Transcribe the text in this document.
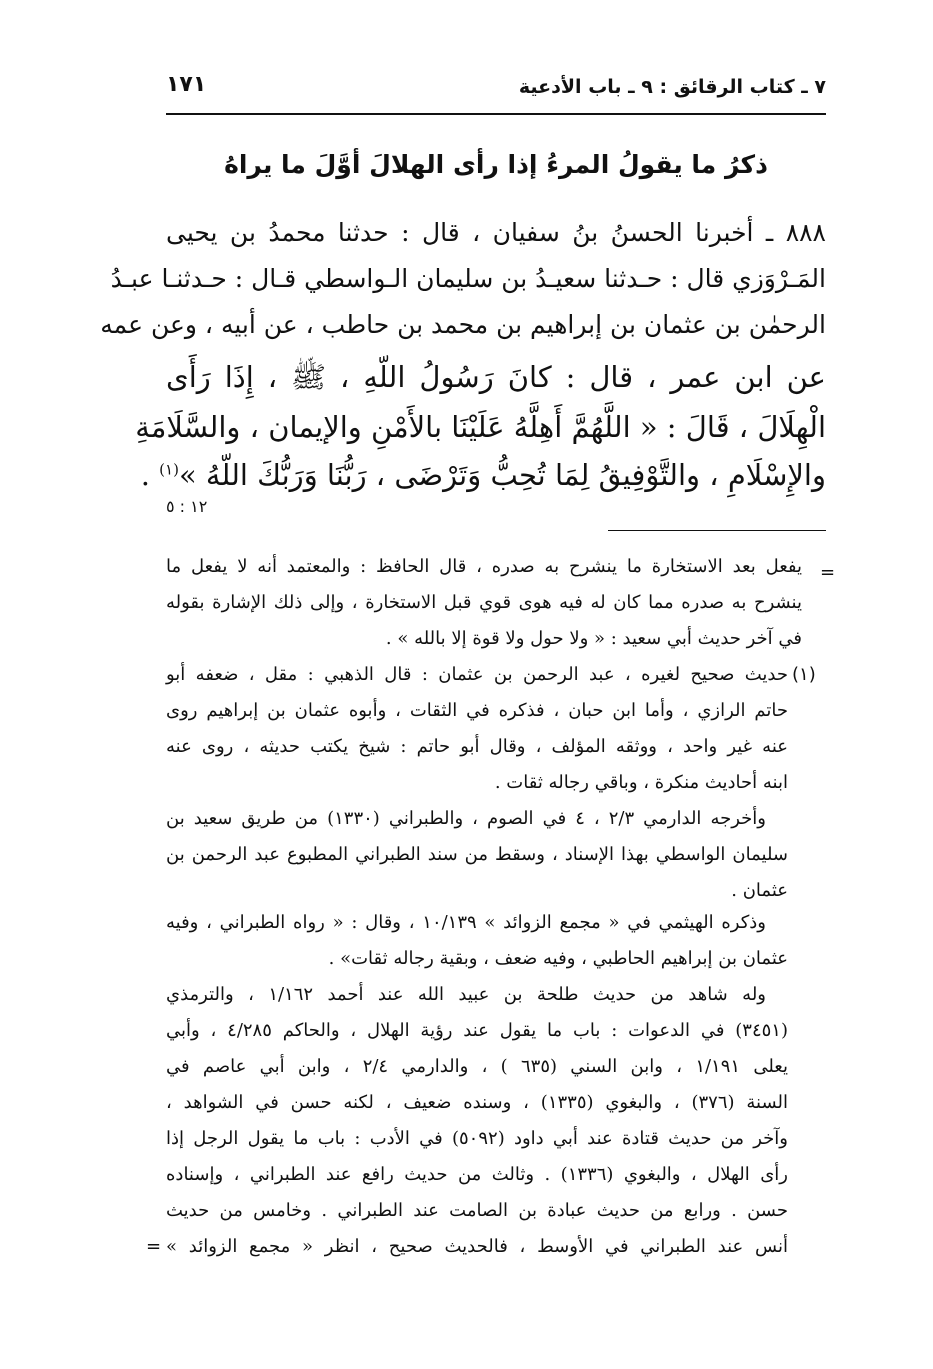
٧ ـ كتاب الرقائق : ٩ ـ باب الأدعية
١٧١
ذكرُ ما يقولُ المرءُ إذا رأى الهلالَ أوَّلَ ما يراهُ
٨٨٨ ـ أخبرنا الحسنُ بنُ سفيان ، قال : حدثنا محمدُ بن يحيى
المَـرْوَزي قال : حـدثنا سعيـدُ بن سليمان الـواسطي قـال : حـدثنـا عبـدُ
الرحمٰن بن عثمان بن إبراهيم بن محمد بن حاطب ، عن أبيه ، وعن عمه
عن ابن عمر ، قال : كانَ رَسُولُ اللّهِ ، ﷺ ، إِذَا رَأَى
الْهِلَالَ ، قَالَ : « اللَّهُمَّ أَهِلَّهُ عَلَيْنَا بالأَمْنِ والإيمان ، والسَّلَامَةِ
والإِسْلَامِ ، والتَّوْفِيقُ لِمَا تُحِبُّ وَتَرْضَى ، رَبُّنَا وَرَبُّكَ اللّهُ »$^{(١)}$ .
١٢ : ٥
=
يفعل بعد الاستخارة ما ينشرح به صدره ، قال الحافظ : والمعتمد أنه لا يفعل ما
ينشرح به صدره مما كان له فيه هوى قوي قبل الاستخارة ، وإلى ذلك الإشارة بقوله
في آخر حديث أبي سعيد : « ولا حول ولا قوة إلا بالله » .
(١)
حديث صحيح لغيره ، عبد الرحمن بن عثمان : قال الذهبي : مقل ، ضعفه أبو
حاتم الرازي ، وأما ابن حبان ، فذكره في الثقات ، وأبوه عثمان بن إبراهيم روى
عنه غير واحد ، ووثقه المؤلف ، وقال أبو حاتم : شيخ يكتب حديثه ، روى عنه
ابنه أحاديث منكرة ، وباقي رجاله ثقات .
وأخرجه الدارمي ٢/٣ ، ٤ في الصوم ، والطبراني (١٣٣٠) من طريق سعيد بن
سليمان الواسطي بهذا الإسناد ، وسقط من سند الطبراني المطبوع عبد الرحمن بن
عثمان .
وذكره الهيثمي في « مجمع الزوائد » ١٠/١٣٩ ، وقال : « رواه الطبراني ، وفيه
عثمان بن إبراهيم الحاطبي ، وفيه ضعف ، وبقية رجاله ثقات» .
وله شاهد من حديث طلحة بن عبيد الله عند أحمد ١/١٦٢ ، والترمذي
(٣٤٥١) في الدعوات : باب ما يقول عند رؤية الهلال ، والحاكم ٤/٢٨٥ ، وأبي
يعلى ١/١٩١ ، وابن السني (٦٣٥ ) ، والدارمي ٢/٤ ، وابن أبي عاصم في
السنة (٣٧٦) ، والبغوي (١٣٣٥) ، وسنده ضعيف ، لكنه حسن في الشواهد ،
وآخر من حديث قتادة عند أبي داود (٥٠٩٢) في الأدب : باب ما يقول الرجل إذا
رأى الهلال ، والبغوي (١٣٣٦) . وثالث من حديث رافع عند الطبراني ، وإسناده
حسن . ورابع من حديث عبادة بن الصامت عند الطبراني . وخامس من حديث
أنس عند الطبراني في الأوسط ، فالحديث صحيح ، انظر « مجمع الزوائد »
=
